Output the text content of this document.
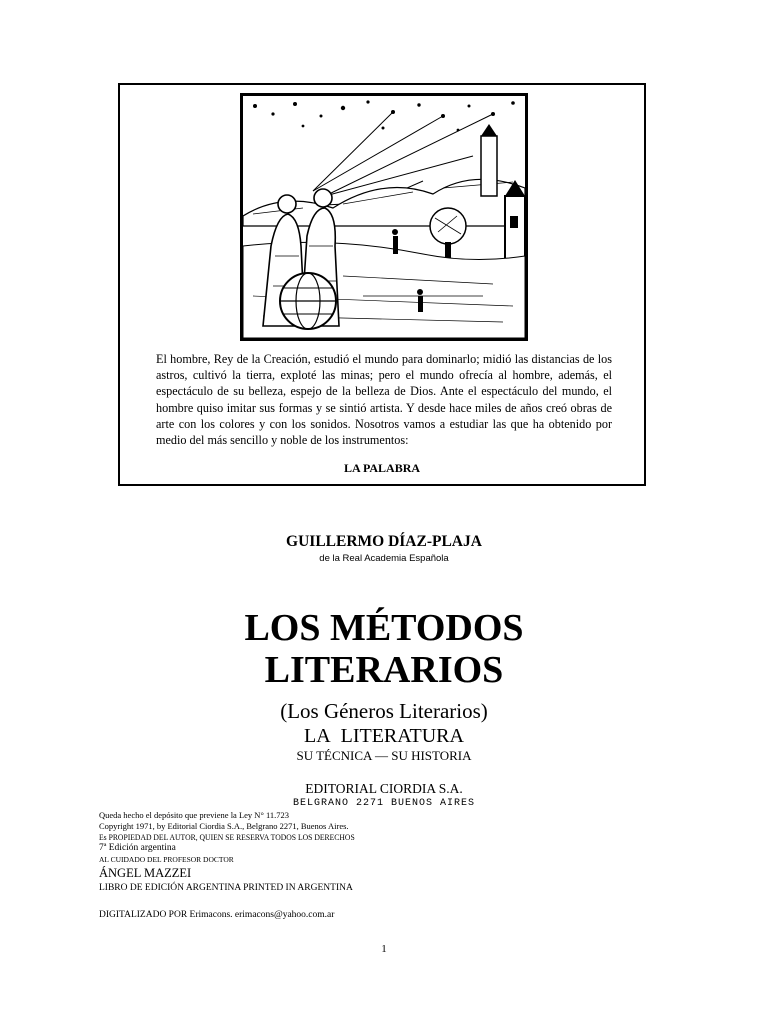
El hombre, Rey de la Creación, estudió el mundo para dominarlo; midió las distancias de los astros, cultivó la tierra, exploté las minas; pero el mundo ofrecía al hombre, además, el espectáculo de su belleza, espejo de la belleza de Dios. Ante el espectáculo del mundo, el hombre quiso imitar sus formas y se sintió artista. Y desde hace miles de años creó obras de arte con los colores y con los sonidos. Nosotros vamos a estudiar las que ha obtenido por medio del más sencillo y noble de los instrumentos:
LA PALABRA
GUILLERMO DÍAZ-PLAJA
de la Real Academia Española
LOS MÉTODOS
LITERARIOS
(Los Géneros Literarios)
LA LITERATURA
SU TÉCNICA — SU HISTORIA
EDITORIAL CIORDIA S.A.
BELGRANO 2271 BUENOS AIRES
Queda hecho el depósito que previene la Ley N° 11.723
Copyright 1971, by Editorial Ciordia S.A., Belgrano 2271, Buenos Aires.
Es PROPIEDAD DEL AUTOR, QUIEN SE RESERVA TODOS LOS DERECHOS
7ª Edición argentina
AL CUIDADO DEL PROFESOR DOCTOR
ÁNGEL MAZZEI
LIBRO DE EDICIÓN ARGENTINA PRINTED IN ARGENTINA
DIGITALIZADO POR Erimacons. erimacons@yahoo.com.ar
1
